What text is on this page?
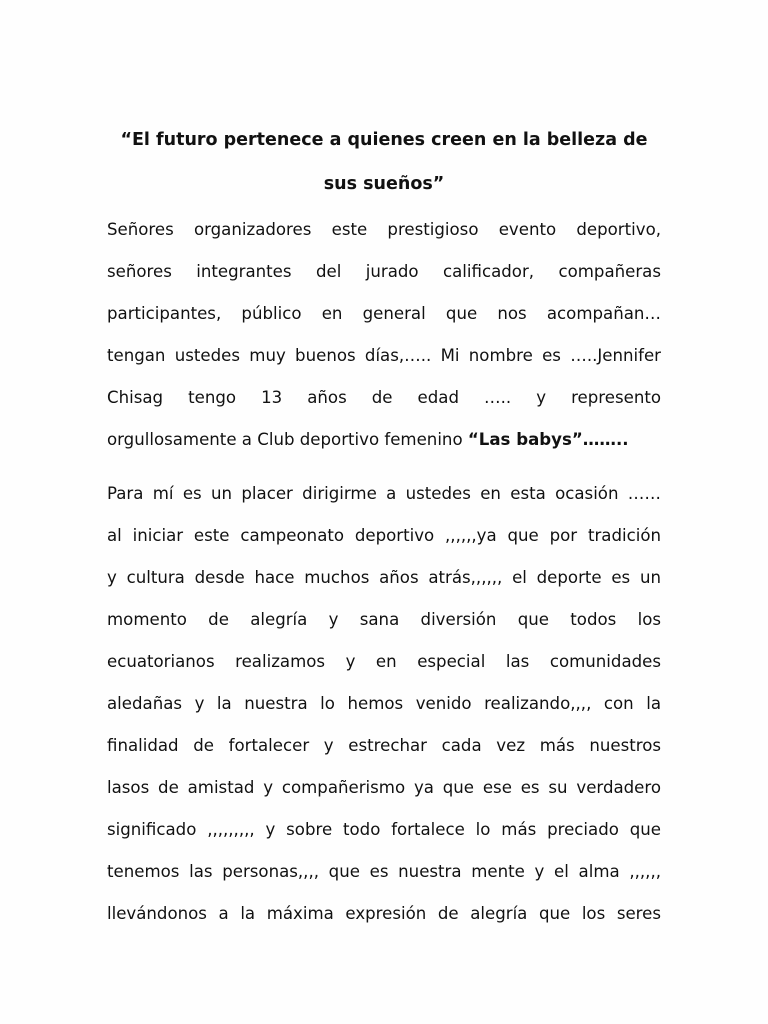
“El futuro pertenece a quienes creen en la belleza de
sus sueños”
Señores organizadores este prestigioso evento deportivo,
señores integrantes del jurado calificador, compañeras
participantes, público en general que nos acompañan…
tengan ustedes muy buenos días,….. Mi nombre es …..Jennifer
Chisag tengo 13 años de edad ….. y represento
orgullosamente a Club deportivo femenino “Las babys”……..
Para mí es un placer dirigirme a ustedes en esta ocasión ……
al iniciar este campeonato deportivo ,,,,,,ya que por tradición
y cultura desde hace muchos años atrás,,,,,, el deporte es un
momento de alegría y sana diversión que todos los
ecuatorianos realizamos y en especial las comunidades
aledañas y la nuestra lo hemos venido realizando,,,, con la
finalidad de fortalecer y estrechar cada vez más nuestros
lasos de amistad y compañerismo ya que ese es su verdadero
significado ,,,,,,,,, y sobre todo fortalece lo más preciado que
tenemos las personas,,,, que es nuestra mente y el alma ,,,,,,
llevándonos a la máxima expresión de alegría que los seres
